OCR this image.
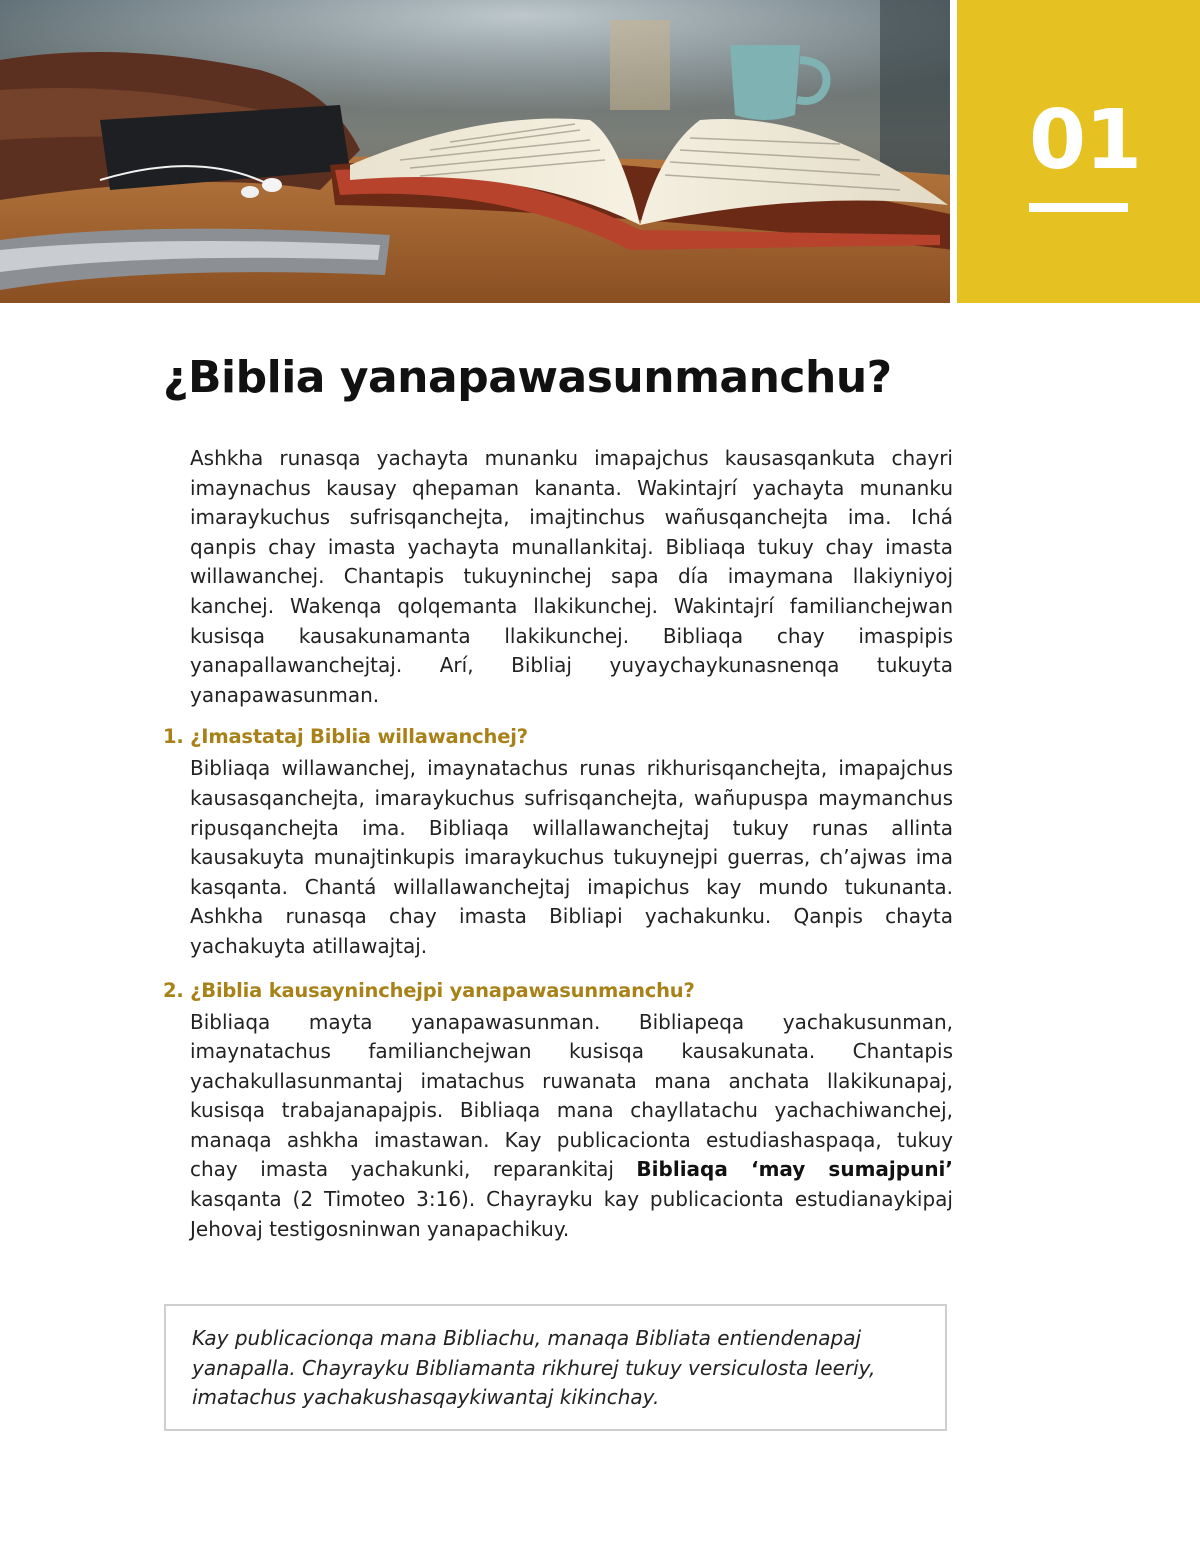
01
¿Biblia yanapawasunmanchu?

Ashkha runasqa yachayta munanku imapajchus kausasqankuta chayri imaynachus kausay qhepaman kananta. Wakintajrí yachayta munanku imaraykuchus sufrisqanchejta, imajtinchus wañusqanchejta ima. Ichá qanpis chay imasta yachayta munallankitaj. Bibliaqa tukuy chay imasta willawanchej. Chantapis tukuyninchej sapa día imaymana llakiyniyoj kanchej. Wakenqa qolqemanta llakikunchej. Wakintajrí familianchejwan kusisqa kausakunamanta llakikunchej. Bibliaqa chay imaspipis yanapallawanchejtaj. Arí, Bibliaj yuyaychaykunasnenqa tukuyta yanapawasunman.

1. ¿Imastataj Biblia willawanchej?

Bibliaqa willawanchej, imaynatachus runas rikhurisqanchejta, imapajchus kausasqanchejta, imaraykuchus sufrisqanchejta, wañupuspa maymanchus ripusqanchejta ima. Bibliaqa willallawanchejtaj tukuy runas allinta kausakuyta munajtinkupis imaraykuchus tukuynejpi guerras, ch’ajwas ima kasqanta. Chantá willallawanchejtaj imapichus kay mundo tukunanta. Ashkha runasqa chay imasta Bibliapi yachakunku. Qanpis chayta yachakuyta atillawajtaj.

2. ¿Biblia kausayninchejpi yanapawasunmanchu?

Bibliaqa mayta yanapawasunman. Bibliapeqa yachakusunman, imaynatachus familianchejwan kusisqa kausakunata. Chantapis yachakullasunmantaj imatachus ruwanata mana anchata llakikunapaj, kusisqa trabajanapajpis. Bibliaqa mana chayllatachu yachachiwanchej, manaqa ashkha imastawan. Kay publicacionta estudiashaspaqa, tukuy chay imasta yachakunki, reparankitaj Bibliaqa ‘may sumajpuni’ kasqanta (2 Timoteo 3:16). Chayrayku kay publicacionta estudianaykipaj Jehovaj testigosninwan yanapachikuy.

Kay publicacionqa mana Bibliachu, manaqa Bibliata entiendenapaj yanapalla. Chayrayku Bibliamanta rikhurej tukuy versiculosta leeriy, imatachus yachakushasqaykiwantaj kikinchay.
